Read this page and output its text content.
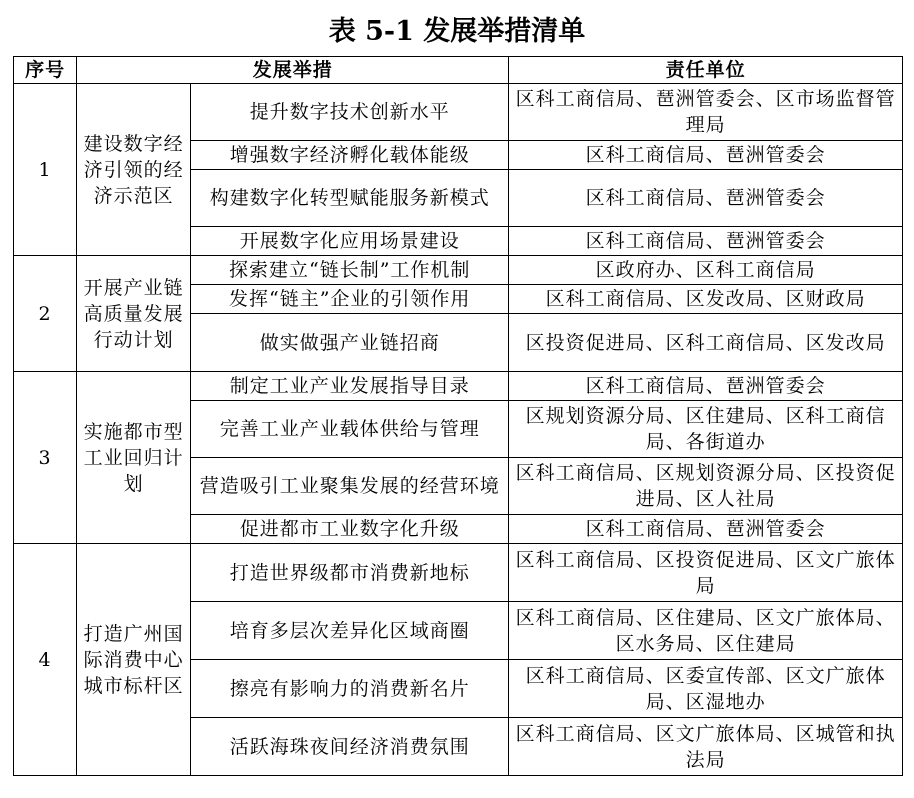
表 5-1 发展举措清单
序号	发展举措		责任单位
1	建设数字经济引领的经济示范区	提升数字技术创新水平	区科工商信局、琶洲管委会、区市场监督管理局
		增强数字经济孵化载体能级	区科工商信局、琶洲管委会
		构建数字化转型赋能服务新模式	区科工商信局、琶洲管委会
		开展数字化应用场景建设	区科工商信局、琶洲管委会
2	开展产业链高质量发展行动计划	探索建立“链长制”工作机制	区政府办、区科工商信局
		发挥“链主”企业的引领作用	区科工商信局、区发改局、区财政局
		做实做强产业链招商	区投资促进局、区科工商信局、区发改局
3	实施都市型工业回归计划	制定工业产业发展指导目录	区科工商信局、琶洲管委会
		完善工业产业载体供给与管理	区规划资源分局、区住建局、区科工商信局、各街道办
		营造吸引工业聚集发展的经营环境	区科工商信局、区规划资源分局、区投资促进局、区人社局
		促进都市工业数字化升级	区科工商信局、琶洲管委会
4	打造广州国际消费中心城市标杆区	打造世界级都市消费新地标	区科工商信局、区投资促进局、区文广旅体局
		培育多层次差异化区域商圈	区科工商信局、区住建局、区文广旅体局、区水务局、区住建局
		擦亮有影响力的消费新名片	区科工商信局、区委宣传部、区文广旅体局、区湿地办
		活跃海珠夜间经济消费氛围	区科工商信局、区文广旅体局、区城管和执法局
